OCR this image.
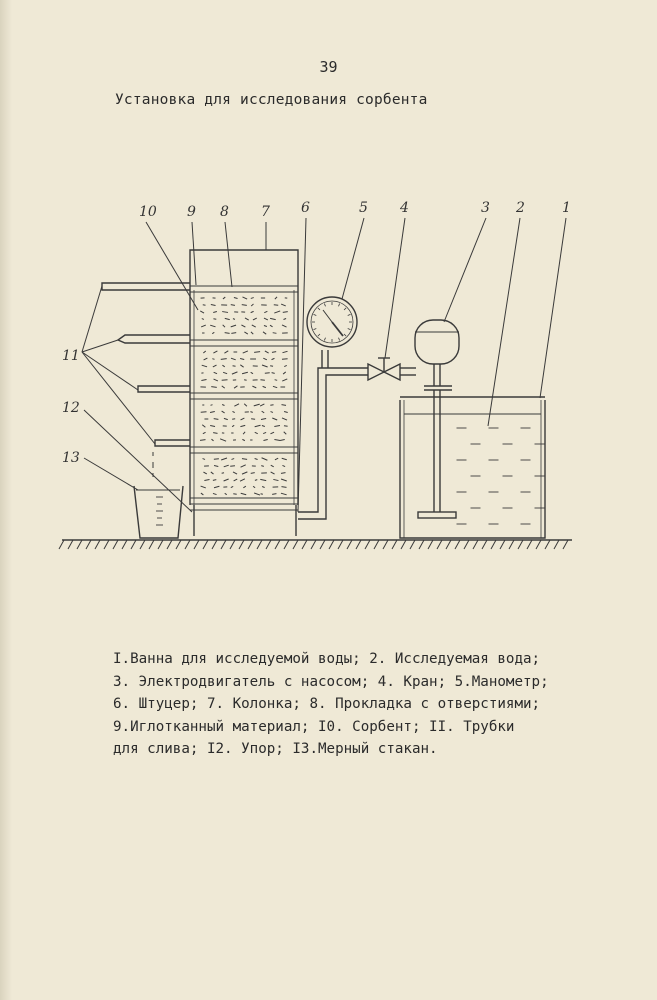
39
Установка для исследования сорбента
10 9 8 7 6	5 4	3 2	1
11
12
13
I.Ванна для исследуемой воды; 2. Исследуемая вода;
3. Электродвигатель с насосом; 4. Кран; 5.Манометр;
6. Штуцер; 7. Колонка; 8. Прокладка с отверстиями;
9.Иглотканный материал; I0. Сорбент; II. Трубки
для слива; I2. Упор; I3.Мерный стакан.
